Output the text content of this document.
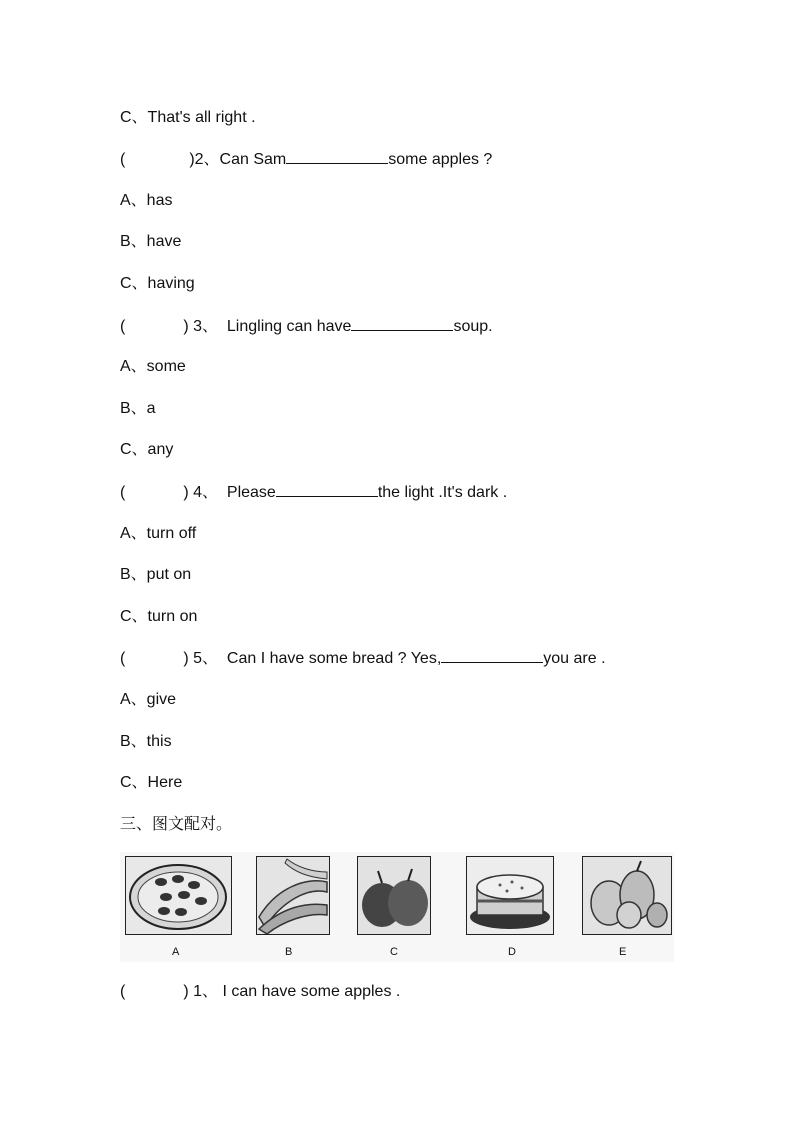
C、That's all right .
(	)2、Can Sam	some apples ?
A、has
B、have
C、having
(	) 3、  Lingling can have	soup.
A、some
B、a
C、any
(	) 4、  Please	the light .It's dark .
A、turn off
B、put on
C、turn on
(	) 5、  Can I have some bread ? Yes,	you are .
A、give
B、this
C、Here
三、图文配对。
A	B	C	D	E
(	) 1、 I can have some apples .
